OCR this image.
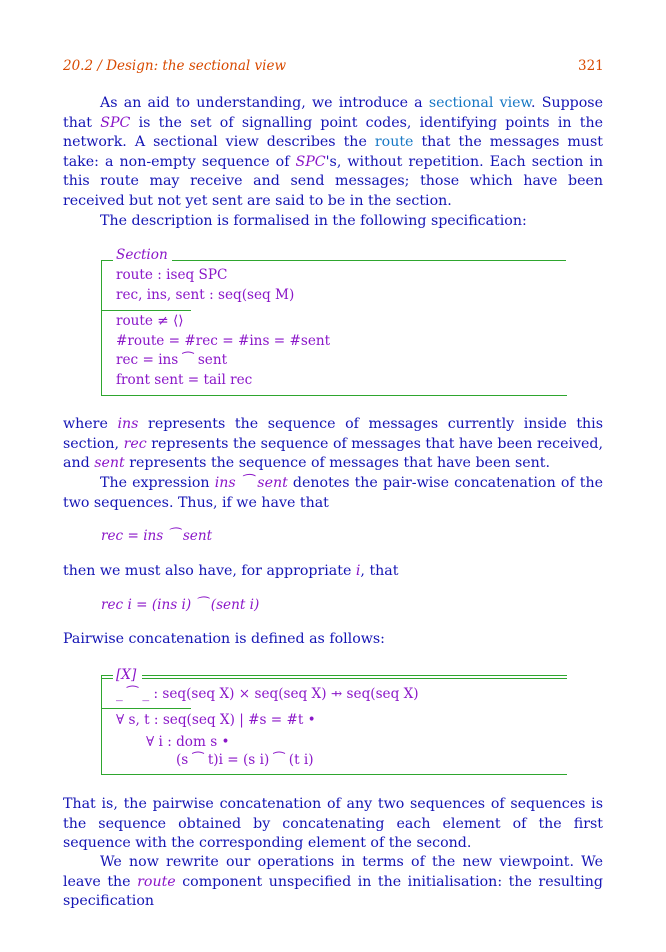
20.2 / Design: the sectional view	321
As an aid to understanding, we introduce a sectional view. Suppose that SPC is the set of signalling point codes, identifying points in the network. A sectional view describes the route that the messages must take: a non-empty sequence of SPC's, without repetition. Each section in this route may receive and send messages; those which have been received but not yet sent are said to be in the section.
The description is formalised in the following specification:
Section
route : iseq SPC
rec, ins, sent : seq(seq M)
route ≠ ⟨⟩
#route = #rec = #ins = #sent
rec = ins ⁀ sent
front sent = tail rec
where ins represents the sequence of messages currently inside this section, rec represents the sequence of messages that have been received, and sent represents the sequence of messages that have been sent.
The expression ins ⁀ sent denotes the pair-wise concatenation of the two sequences. Thus, if we have that
rec = ins ⁀ sent
then we must also have, for appropriate i, that
rec i = (ins i) ⁀ (sent i)
Pairwise concatenation is defined as follows:
[X]
_ ⁀ _ : seq(seq X) × seq(seq X) ⇸ seq(seq X)
∀ s, t : seq(seq X) | #s = #t •
∀ i : dom s •
(s ⁀ t)i = (s i) ⁀ (t i)
That is, the pairwise concatenation of any two sequences of sequences is the sequence obtained by concatenating each element of the first sequence with the corresponding element of the second.
We now rewrite our operations in terms of the new viewpoint. We leave the route component unspecified in the initialisation: the resulting specification
